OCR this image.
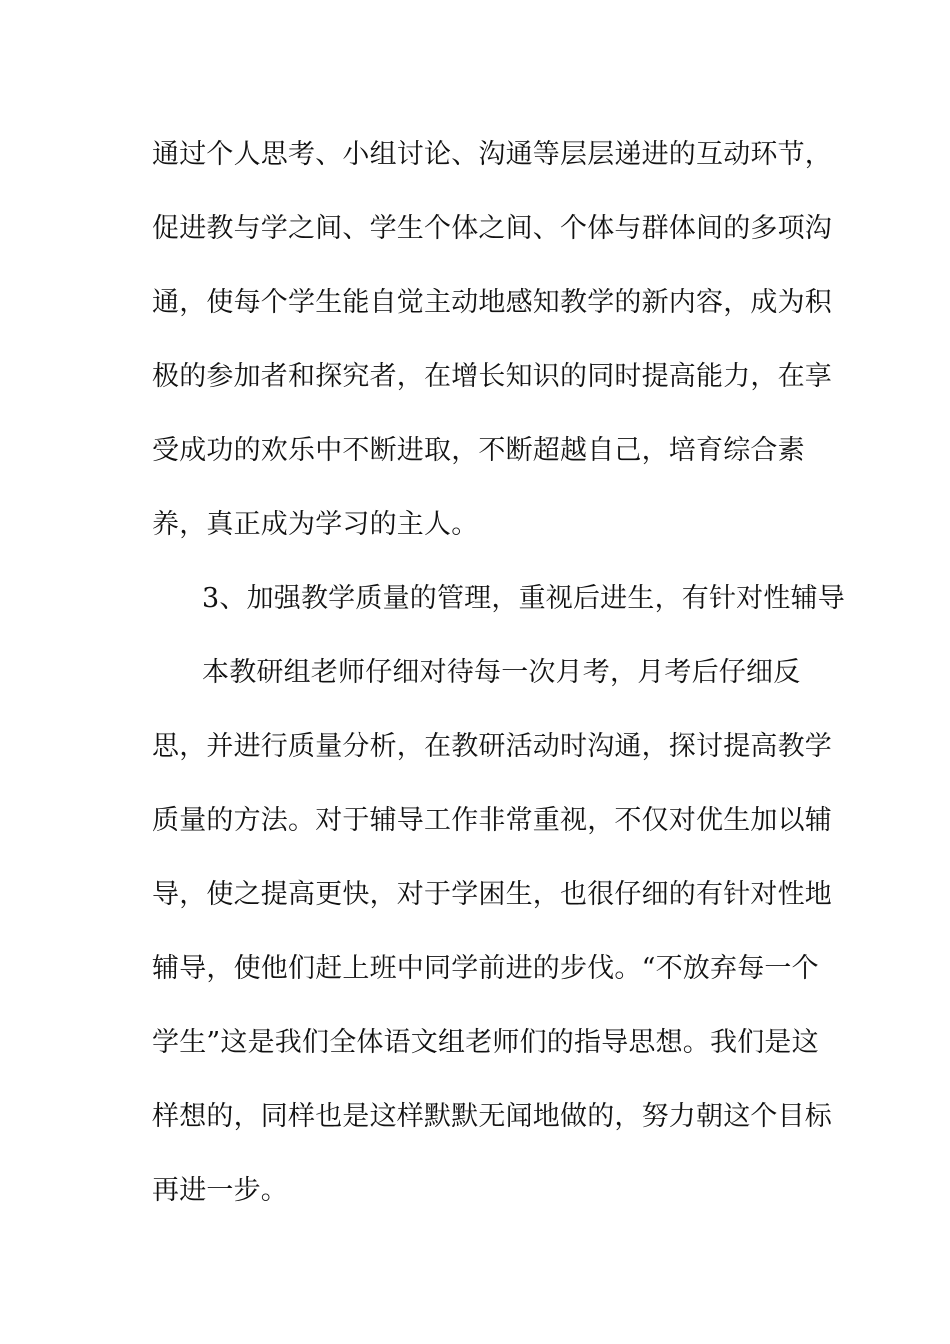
通过个人思考、小组讨论、沟通等层层递进的互动环节，

促进教与学之间、学生个体之间、个体与群体间的多项沟

通，使每个学生能自觉主动地感知教学的新内容，成为积

极的参加者和探究者，在增长知识的同时提高能力，在享

受成功的欢乐中不断进取，不断超越自己，培育综合素

养，真正成为学习的主人。

3、加强教学质量的管理，重视后进生，有针对性辅导

本教研组老师仔细对待每一次月考，月考后仔细反

思，并进行质量分析，在教研活动时沟通，探讨提高教学

质量的方法。对于辅导工作非常重视，不仅对优生加以辅

导，使之提高更快，对于学困生，也很仔细的有针对性地

辅导，使他们赶上班中同学前进的步伐。“不放弃每一个

学生”这是我们全体语文组老师们的指导思想。我们是这

样想的，同样也是这样默默无闻地做的，努力朝这个目标

再进一步。
